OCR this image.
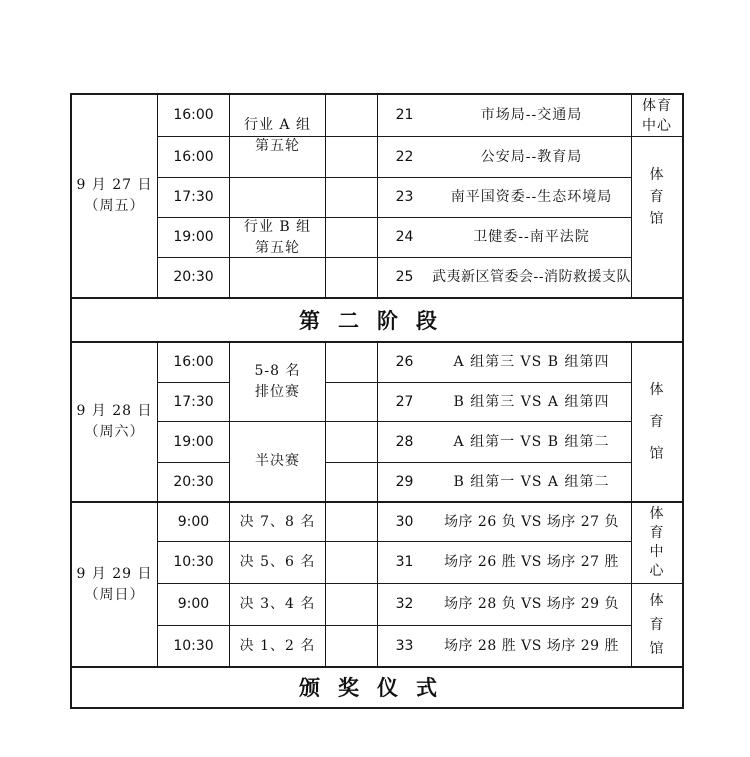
9 月 27 日
（周五）
16:00
16:00
17:30
19:00
20:30
行业 A 组
第五轮
行业 B 组
第五轮
21
22
23
24
25
市场局--交通局
公安局--教育局
南平国资委--生态环境局
卫健委--南平法院
武夷新区管委会--消防救援支队
体育
中心
体
育
馆
第二阶段
9 月 28 日
（周六）
16:00
17:30
19:00
20:30
5-8 名
排位赛
半决赛
26
27
28
29
A 组第三 VS B 组第四
B 组第三 VS A 组第四
A 组第一 VS B 组第二
B 组第一 VS A 组第二
体
育
馆
9 月 29 日
（周日）
9:00
10:30
9:00
10:30
决 7、8 名
决 5、6 名
决 3、4 名
决 1、2 名
30
31
32
33
场序 26 负 VS 场序 27 负
场序 26 胜 VS 场序 27 胜
场序 28 负 VS 场序 29 负
场序 28 胜 VS 场序 29 胜
体
育
中
心
体
育
馆
颁奖仪式
